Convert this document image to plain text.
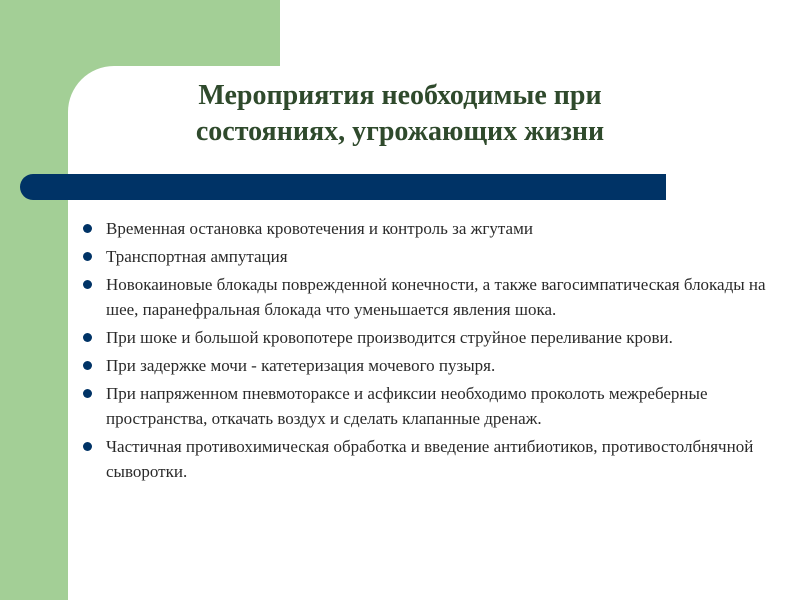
Мероприятия необходимые при
состояниях, угрожающих жизни
Временная остановка кровотечения и контроль за жгутами
Транспортная ампутация
Новокаиновые блокады поврежденной конечности, а также вагосимпатическая блокады на шее, паранефральная блокада что уменьшается явления шока.
При шоке и большой кровопотере производится струйное переливание крови.
При задержке мочи - катетеризация мочевого пузыря.
При напряженном пневмотораксе и асфиксии необходимо проколоть межреберные пространства, откачать воздух и сделать клапанные дренаж.
Частичная противохимическая обработка и введение антибиотиков, противостолбнячной сыворотки.
